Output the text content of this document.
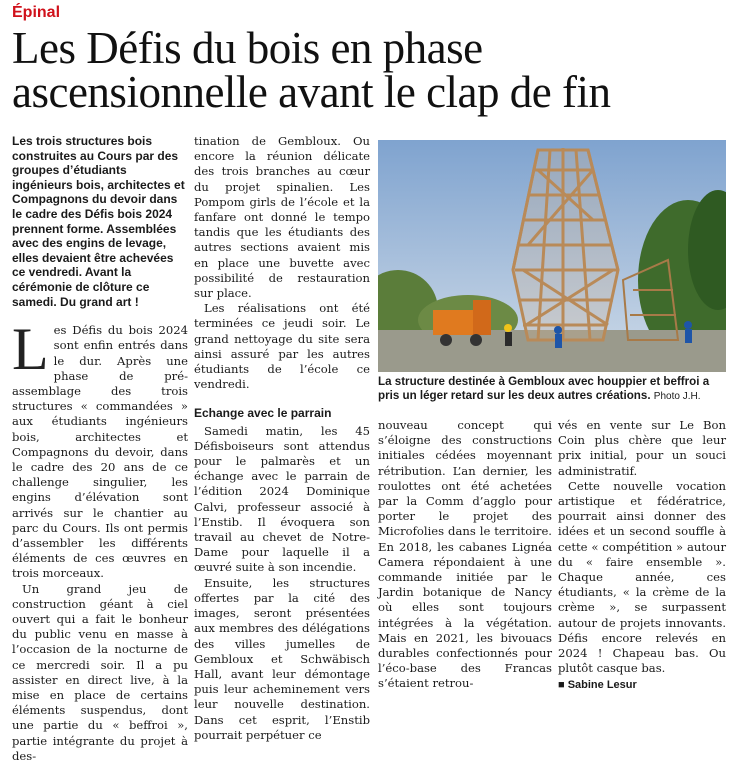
Épinal
Les Défis du bois en phase ascensionnelle avant le clap de fin
Les trois structures bois construites au Cours par des groupes d’étudiants ingénieurs bois, architectes et Compagnons du devoir dans le cadre des Défis bois 2024 prennent forme. Assemblées avec des engins de levage, elles devaient être achevées ce vendredi. Avant la cérémonie de clôture ce samedi. Du grand art !

Les Défis du bois 2024 sont enfin entrés dans le dur. Après une phase de pré-assemblage des trois structures « commandées » aux étudiants ingénieurs bois, architectes et Compagnons du devoir, dans le cadre des 20 ans de ce challenge singulier, les engins d’élévation sont arrivés sur le chantier au parc du Cours. Ils ont permis d’assembler les différents éléments de ces œuvres en trois morceaux.

Un grand jeu de construction géant à ciel ouvert qui a fait le bonheur du public venu en masse à l’occasion de la nocturne de ce mercredi soir. Il a pu assister en direct live, à la mise en place de certains éléments suspendus, dont une partie du « beffroi », partie intégrante du projet à des-

tination de Gembloux. Ou encore la réunion délicate des trois branches au cœur du projet spinalien. Les Pompom girls de l’école et la fanfare ont donné le tempo tandis que les étudiants des autres sections avaient mis en place une buvette avec possibilité de restauration sur place.

Les réalisations ont été terminées ce jeudi soir. Le grand nettoyage du site sera ainsi assuré par les autres étudiants de l’école ce vendredi.

Echange avec le parrain

Samedi matin, les 45 Défisboiseurs sont attendus pour le palmarès et un échange avec le parrain de l’édition 2024 Dominique Calvi, professeur associé à l’Enstib. Il évoquera son travail au chevet de Notre-Dame pour laquelle il a œuvré suite à son incendie.

Ensuite, les structures offertes par la cité des images, seront présentées aux membres des délégations des villes jumelles de Gembloux et Schwäbisch Hall, avant leur démontage puis leur acheminement vers leur nouvelle destination. Dans cet esprit, l’Enstib pourrait perpétuer ce

La structure destinée à Gembloux avec houppier et beffroi a pris un léger retard sur les deux autres créations. Photo J.H.

nouveau concept qui s’éloigne des constructions initiales cédées moyennant rétribution. L’an dernier, les roulottes ont été achetées par la Comm d’agglo pour porter le projet des Microfolies dans le territoire. En 2018, les cabanes Lignéa Camera répondaient à une commande initiée par le Jardin botanique de Nancy où elles sont toujours intégrées à la végétation. Mais en 2021, les bivouacs durables confectionnés pour l’éco-base des Francas s’étaient retrou-

vés en vente sur Le Bon Coin plus chère que leur prix initial, pour un souci administratif.

Cette nouvelle vocation artistique et fédératrice, pourrait ainsi donner des idées et un second souffle à cette « compétition » autour du « faire ensemble ». Chaque année, ces étudiants, « la crème de la crème », se surpassent autour de projets innovants. Défis encore relevés en 2024 ! Chapeau bas. Ou plutôt casque bas.

■ Sabine Lesur
